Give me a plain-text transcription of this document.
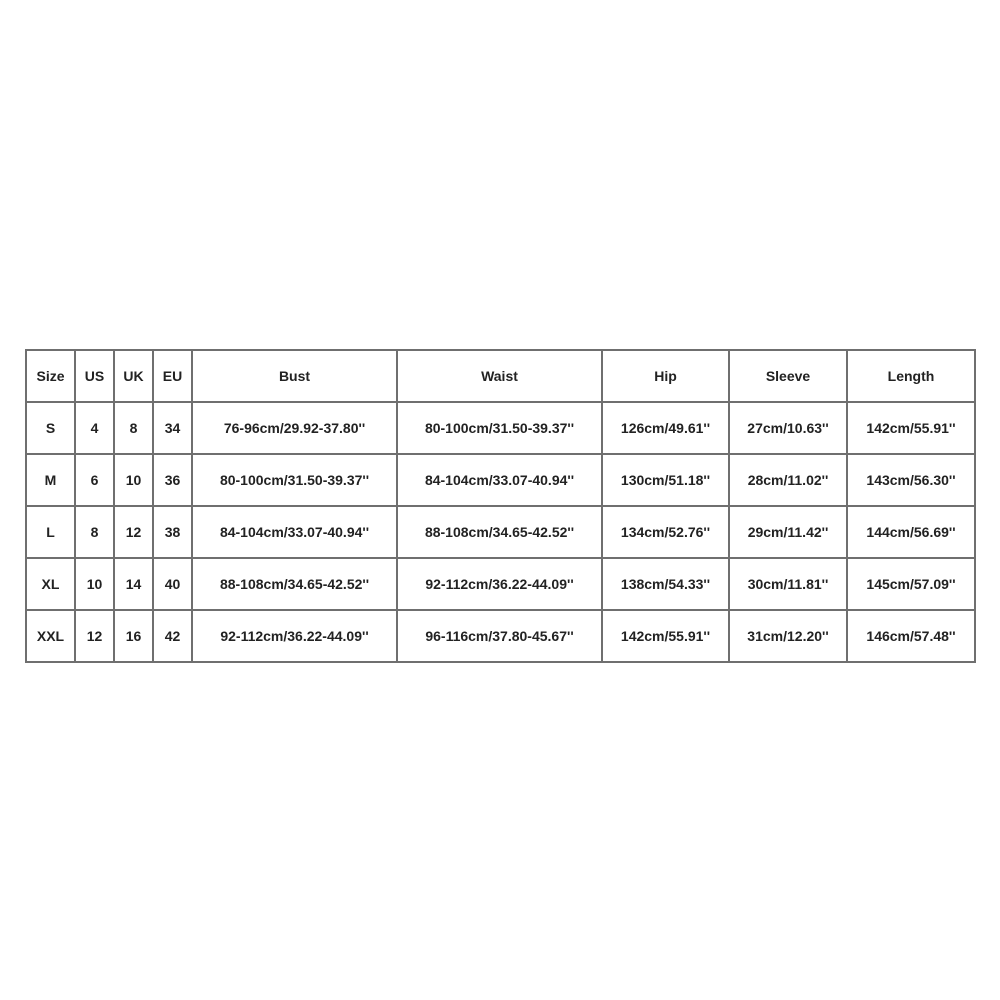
Size	US	UK	EU	Bust	Waist	Hip	Sleeve	Length
S	4	8	34	76-96cm/29.92-37.80''	80-100cm/31.50-39.37''	126cm/49.61''	27cm/10.63''	142cm/55.91''
M	6	10	36	80-100cm/31.50-39.37''	84-104cm/33.07-40.94''	130cm/51.18''	28cm/11.02''	143cm/56.30''
L	8	12	38	84-104cm/33.07-40.94''	88-108cm/34.65-42.52''	134cm/52.76''	29cm/11.42''	144cm/56.69''
XL	10	14	40	88-108cm/34.65-42.52''	92-112cm/36.22-44.09''	138cm/54.33''	30cm/11.81''	145cm/57.09''
XXL	12	16	42	92-112cm/36.22-44.09''	96-116cm/37.80-45.67''	142cm/55.91''	31cm/12.20''	146cm/57.48''
